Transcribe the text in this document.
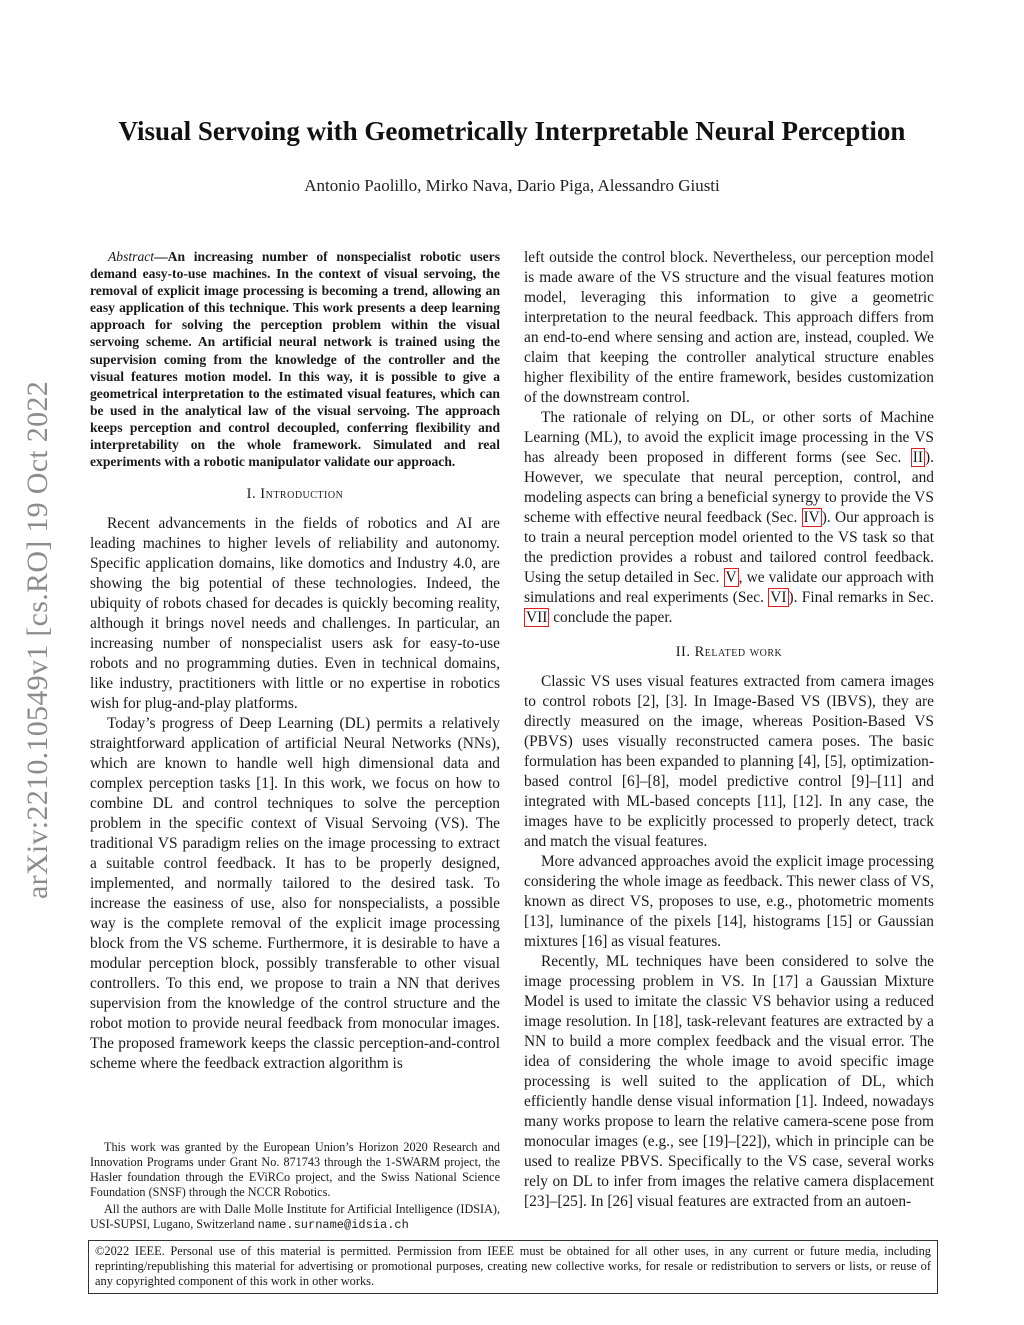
arXiv:2210.10549v1 [cs.RO] 19 Oct 2022
Visual Servoing with Geometrically Interpretable Neural Perception
Antonio Paolillo, Mirko Nava, Dario Piga, Alessandro Giusti

Abstract—An increasing number of nonspecialist robotic users demand easy-to-use machines. In the context of visual servoing, the removal of explicit image processing is becoming a trend, allowing an easy application of this technique. This work presents a deep learning approach for solving the perception problem within the visual servoing scheme. An artificial neural network is trained using the supervision coming from the knowledge of the controller and the visual features motion model. In this way, it is possible to give a geometrical interpretation to the estimated visual features, which can be used in the analytical law of the visual servoing. The approach keeps perception and control decoupled, conferring flexibility and interpretability on the whole framework. Simulated and real experiments with a robotic manipulator validate our approach.

I. Introduction

Recent advancements in the fields of robotics and AI are leading machines to higher levels of reliability and autonomy. Specific application domains, like domotics and Industry 4.0, are showing the big potential of these technologies. Indeed, the ubiquity of robots chased for decades is quickly becoming reality, although it brings novel needs and challenges. In particular, an increasing number of nonspecialist users ask for easy-to-use robots and no programming duties. Even in technical domains, like industry, practitioners with little or no expertise in robotics wish for plug-and-play platforms.

Today’s progress of Deep Learning (DL) permits a relatively straightforward application of artificial Neural Networks (NNs), which are known to handle well high dimensional data and complex perception tasks [1]. In this work, we focus on how to combine DL and control techniques to solve the perception problem in the specific context of Visual Servoing (VS). The traditional VS paradigm relies on the image processing to extract a suitable control feedback. It has to be properly designed, implemented, and normally tailored to the desired task. To increase the easiness of use, also for nonspecialists, a possible way is the complete removal of the explicit image processing block from the VS scheme. Furthermore, it is desirable to have a modular perception block, possibly transferable to other visual controllers. To this end, we propose to train a NN that derives supervision from the knowledge of the control structure and the robot motion to provide neural feedback from monocular images. The proposed framework keeps the classic perception-and-control scheme where the feedback extraction algorithm is

This work was granted by the European Union’s Horizon 2020 Research and Innovation Programs under Grant No. 871743 through the 1-SWARM project, the Hasler foundation through the EViRCo project, and the Swiss National Science Foundation (SNSF) through the NCCR Robotics.

All the authors are with Dalle Molle Institute for Artificial Intelligence (IDSIA), USI-SUPSI, Lugano, Switzerland name.surname@idsia.ch

left outside the control block. Nevertheless, our perception model is made aware of the VS structure and the visual features motion model, leveraging this information to give a geometric interpretation to the neural feedback. This approach differs from an end-to-end where sensing and action are, instead, coupled. We claim that keeping the controller analytical structure enables higher flexibility of the entire framework, besides customization of the downstream control.

The rationale of relying on DL, or other sorts of Machine Learning (ML), to avoid the explicit image processing in the VS has already been proposed in different forms (see Sec. II ). However, we speculate that neural perception, control, and modeling aspects can bring a beneficial synergy to provide the VS scheme with effective neural feedback (Sec. IV ). Our approach is to train a neural perception model oriented to the VS task so that the prediction provides a robust and tailored control feedback. Using the setup detailed in Sec. V , we validate our approach with simulations and real experiments (Sec. VI ). Final remarks in Sec. VII conclude the paper.

II. Related work

Classic VS uses visual features extracted from camera images to control robots [2], [3]. In Image-Based VS (IBVS), they are directly measured on the image, whereas Position-Based VS (PBVS) uses visually reconstructed camera poses. The basic formulation has been expanded to planning [4], [5], optimization-based control [6]–[8], model predictive control [9]–[11] and integrated with ML-based concepts [11], [12]. In any case, the images have to be explicitly processed to properly detect, track and match the visual features.

More advanced approaches avoid the explicit image processing considering the whole image as feedback. This newer class of VS, known as direct VS, proposes to use, e.g., photometric moments [13], luminance of the pixels [14], histograms [15] or Gaussian mixtures [16] as visual features.

Recently, ML techniques have been considered to solve the image processing problem in VS. In [17] a Gaussian Mixture Model is used to imitate the classic VS behavior using a reduced image resolution. In [18], task-relevant features are extracted by a NN to build a more complex feedback and the visual error. The idea of considering the whole image to avoid specific image processing is well suited to the application of DL, which efficiently handle dense visual information [1]. Indeed, nowadays many works propose to learn the relative camera-scene pose from monocular images (e.g., see [19]–[22]), which in principle can be used to realize PBVS. Specifically to the VS case, several works rely on DL to infer from images the relative camera displacement [23]–[25]. In [26] visual features are extracted from an autoen-

©2022 IEEE. Personal use of this material is permitted. Permission from IEEE must be obtained for all other uses, in any current or future media, including reprinting/republishing this material for advertising or promotional purposes, creating new collective works, for resale or redistribution to servers or lists, or reuse of any copyrighted component of this work in other works.
